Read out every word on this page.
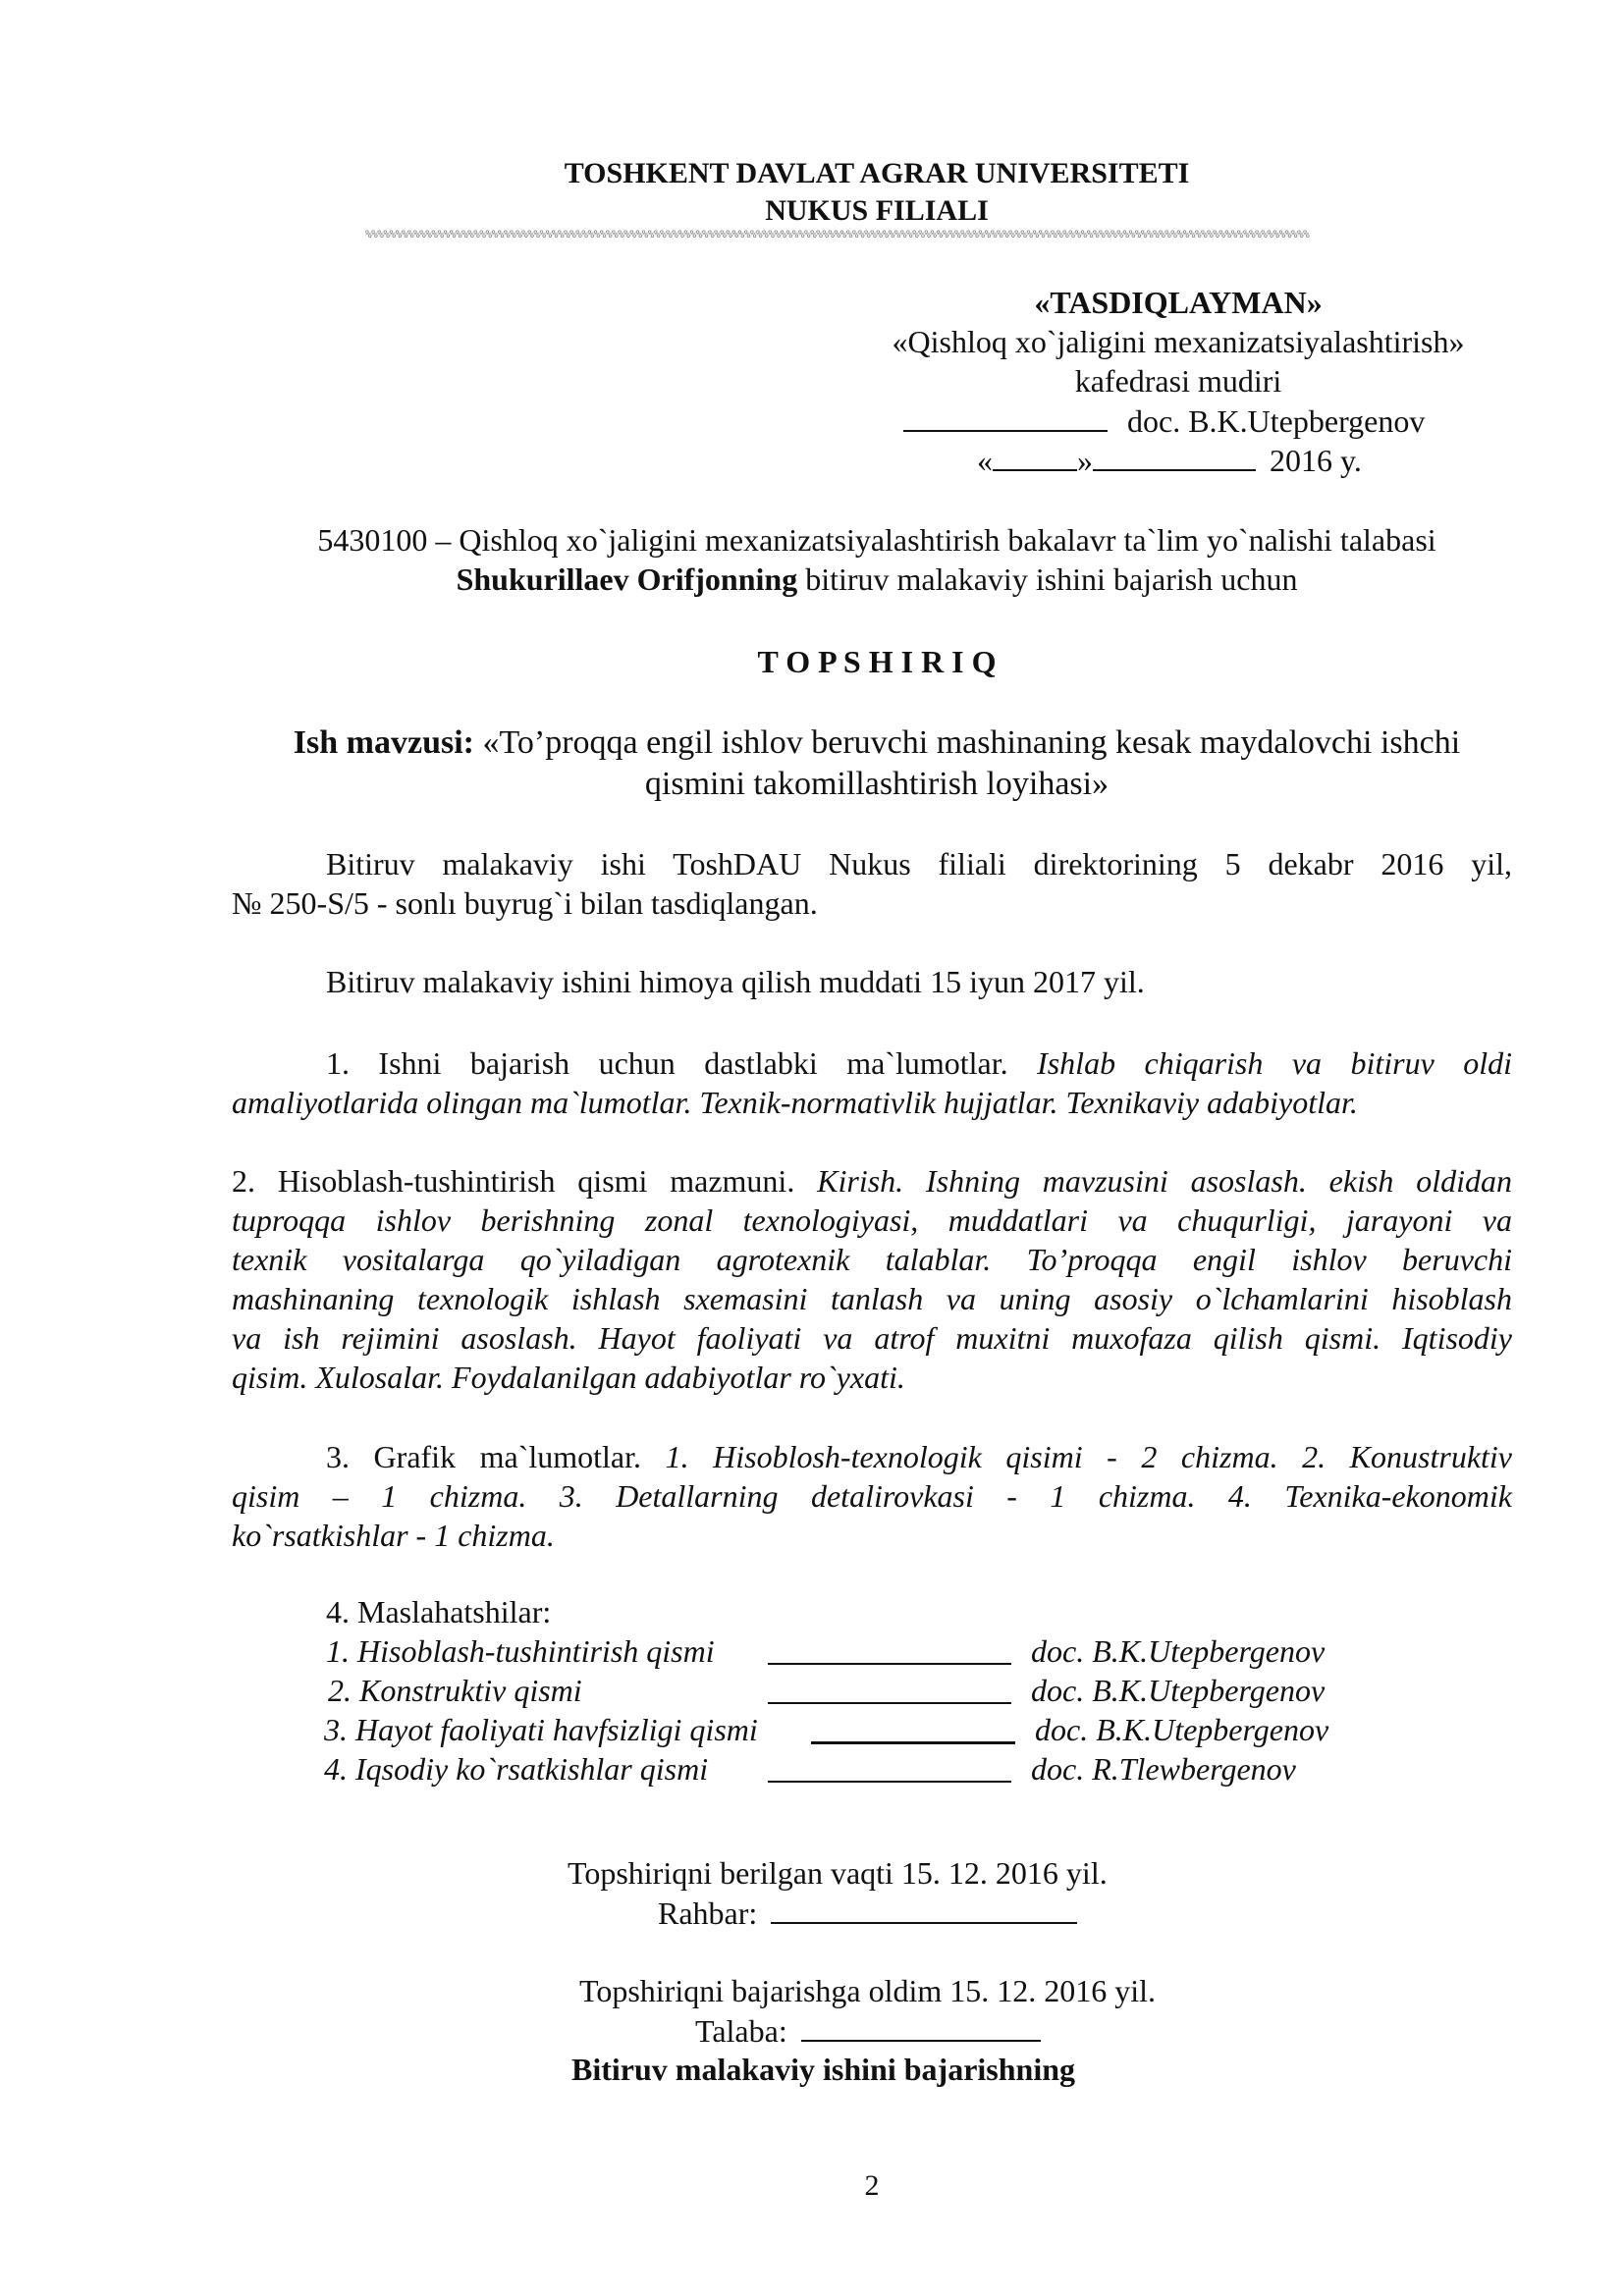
TOSHKENT DAVLAT AGRAR UNIVERSITETI
NUKUS FILIALI
%%%%%%%%%%%%%%%%%%%%%%%%%%%%%%%%%%%%%%%%%%%%%%%%%%%%%%%%%%%%%%%%%%%%%%%%%%%%%%%%%%%%%%%%%%%%%%%%%%%%%%%%%%%%%%%%%%%%%%%%%%%%%%%%%%%%%%%%%%%%%%%%%%%%%%%%%%%%%
«TASDIQLAYMAN»
«Qishloq xo`jaligini mexanizatsiyalashtirish»
kafedrasi mudiri
doc. B.K.Utepbergenov
«	»	2016 y.
5430100 – Qishloq xo`jaligini mexanizatsiyalashtirish bakalavr ta`lim yo`nalishi talabasi
Shukurillaev Orifjonning bitiruv malakaviy ishini bajarish uchun
T O P S H I R I Q
Ish mavzusi: «To’proqqa engil ishlov beruvchi mashinaning kesak maydalovchi ishchi
qismini takomillashtirish loyihasi»
Bitiruv malakaviy ishi ToshDAU Nukus filiali direktorining 5 dekabr 2016 yil,
№ 250-S/5 - sonlı buyrug`i bilan tasdiqlangan.
Bitiruv malakaviy ishini himoya qilish muddati 15 iyun 2017 yil.
1. Ishni bajarish uchun dastlabki ma`lumotlar. Ishlab chiqarish va bitiruv oldi
amaliyotlarida olingan ma`lumotlar. Texnik-normativlik hujjatlar. Texnikaviy adabiyotlar.
2. Hisoblash-tushintirish qismi mazmuni. Kirish. Ishning mavzusini asoslash. ekish oldidan
tuproqqa ishlov berishning zonal texnologiyasi, muddatlari va chuqurligi, jarayoni va
texnik vositalarga qo`yiladigan agrotexnik talablar. To’proqqa engil ishlov beruvchi
mashinaning texnologik ishlash sxemasini tanlash va uning asosiy o`lchamlarini hisoblash
va ish rejimini asoslash. Hayot faoliyati va atrof muxitni muxofaza qilish qismi. Iqtisodiy
qisim. Xulosalar. Foydalanilgan adabiyotlar ro`yxati.
3. Grafik ma`lumotlar. 1. Hisoblosh-texnologik qisimi - 2 chizma. 2. Konustruktiv
qisim – 1 chizma. 3. Detallarning detalirovkasi - 1 chizma. 4. Texnika-ekonomik
ko`rsatkishlar - 1 chizma.
4. Maslahatshilar:
1. Hisoblash-tushintirish qismi	doc. B.K.Utepbergenov
2. Konstruktiv qismi	doc. B.K.Utepbergenov
3. Hayot faoliyati havfsizligi qismi	doc. B.K.Utepbergenov
4. Iqsodiy ko`rsatkishlar qismi	doc. R.Tlewbergenov
Topshiriqni berilgan vaqti 15. 12. 2016 yil.
Rahbar:
Topshiriqni bajarishga oldim 15. 12. 2016 yil.
Talaba:
Bitiruv malakaviy ishini bajarishning
2
